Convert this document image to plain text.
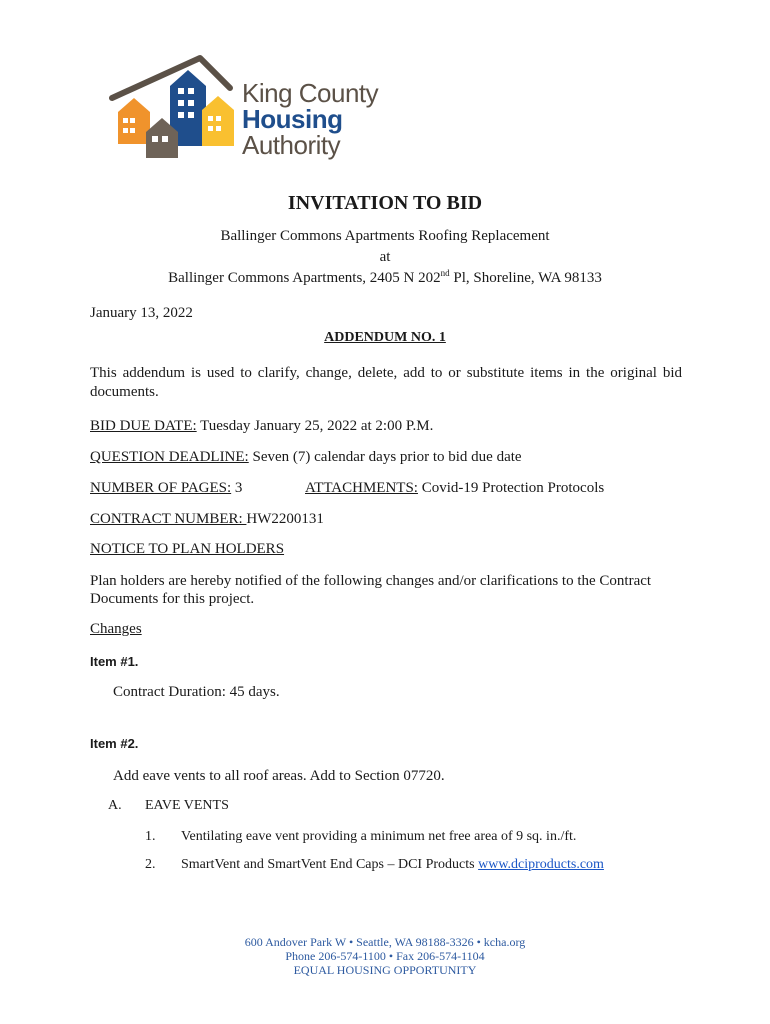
King County
Housing
Authority
INVITATION TO BID
Ballinger Commons Apartments Roofing Replacement
at
Ballinger Commons Apartments, 2405 N 202nd Pl, Shoreline, WA 98133
January 13, 2022
ADDENDUM NO. 1
This addendum is used to clarify, change, delete, add to or substitute items in the original bid documents.
BID DUE DATE: Tuesday January 25, 2022 at 2:00 P.M.
QUESTION DEADLINE: Seven (7) calendar days prior to bid due date
NUMBER OF PAGES: 3	ATTACHMENTS: Covid-19 Protection Protocols
CONTRACT NUMBER: HW2200131
NOTICE TO PLAN HOLDERS
Plan holders are hereby notified of the following changes and/or clarifications to the Contract Documents for this project.
Changes
Item #1.
Contract Duration: 45 days.
Item #2.
Add eave vents to all roof areas. Add to Section 07720.
A. EAVE VENTS
1. Ventilating eave vent providing a minimum net free area of 9 sq. in./ft.
2. SmartVent and SmartVent End Caps – DCI Products www.dciproducts.com
600 Andover Park W • Seattle, WA 98188-3326 • kcha.org
Phone 206-574-1100 • Fax 206-574-1104
EQUAL HOUSING OPPORTUNITY
